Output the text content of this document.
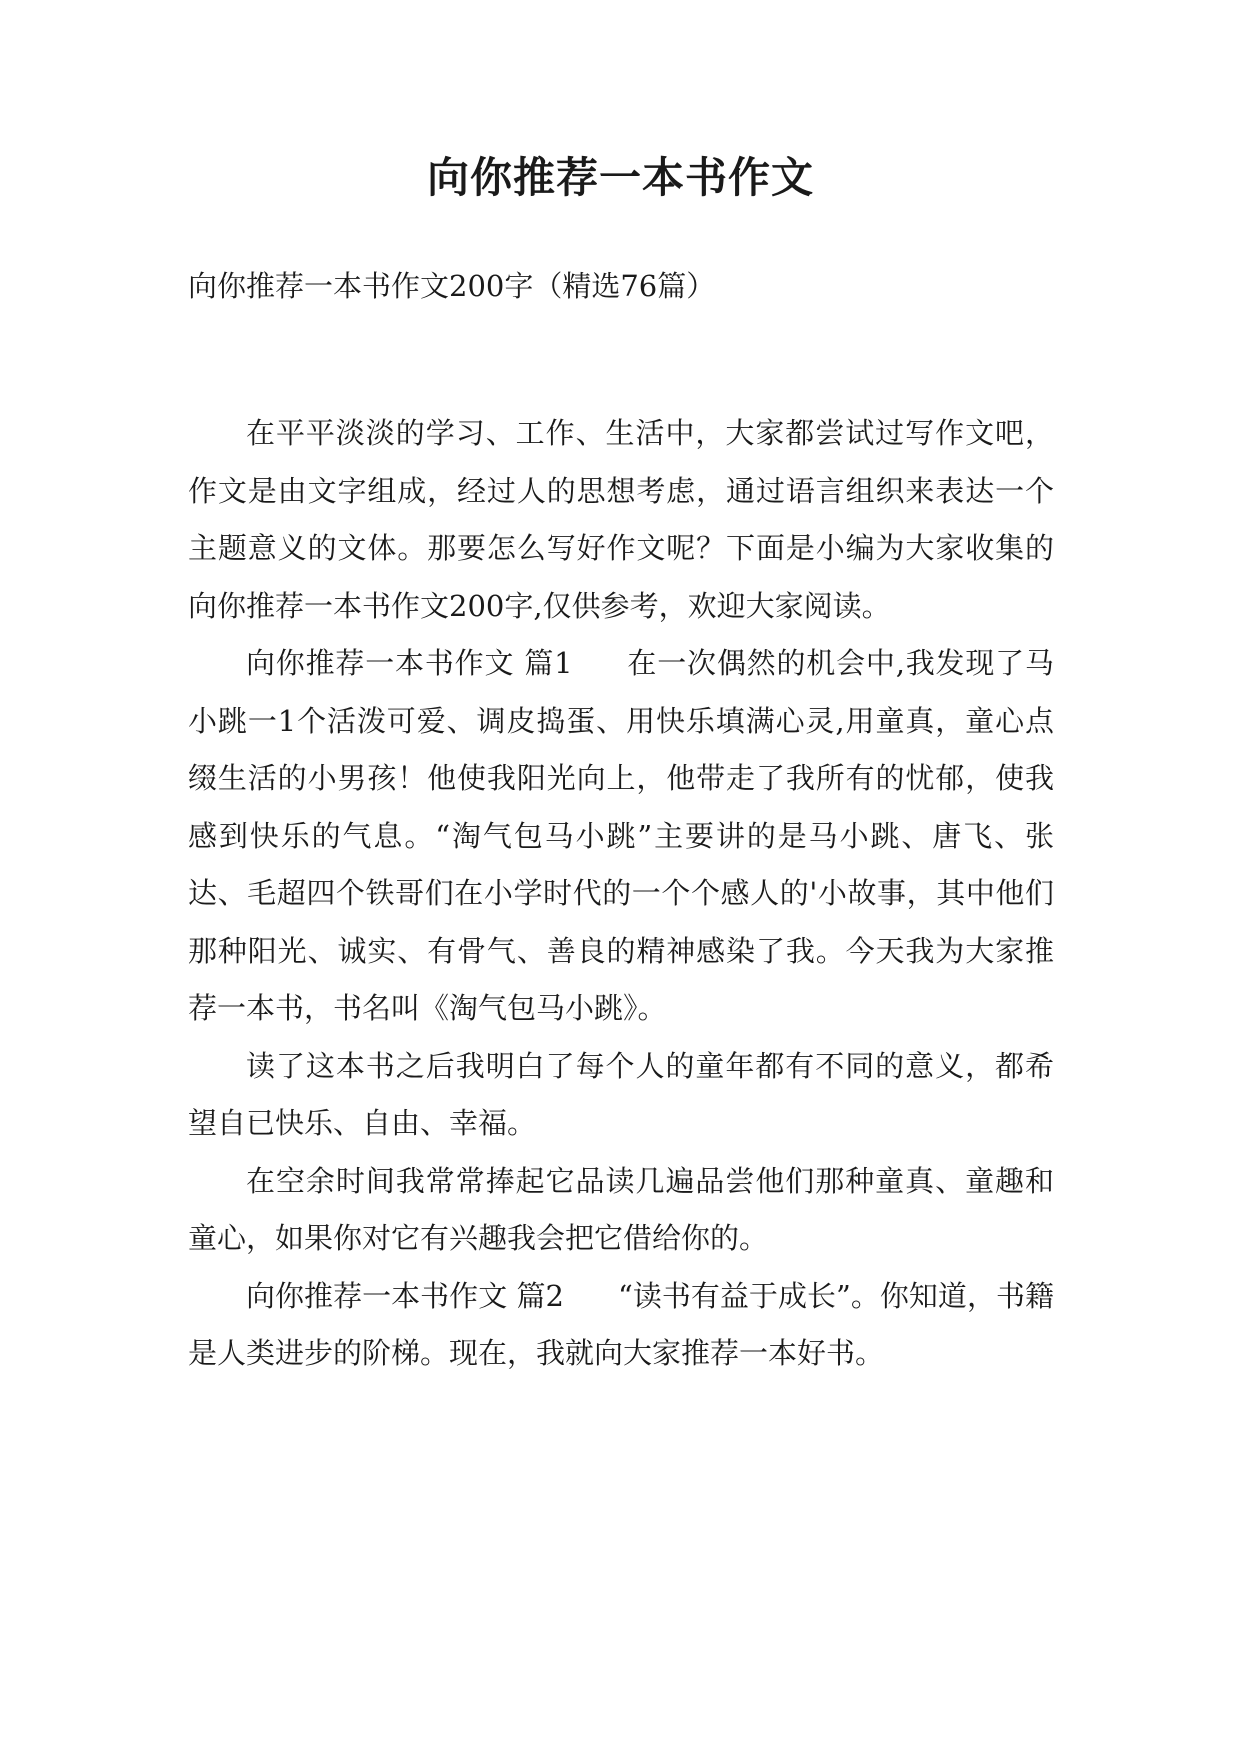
向你推荐一本书作文

向你推荐一本书作文200字（精选76篇）

在平平淡淡的学习、工作、生活中，大家都尝试过写作文吧，作文是由文字组成，经过人的思想考虑，通过语言组织来表达一个主题意义的文体。那要怎么写好作文呢？下面是小编为大家收集的向你推荐一本书作文200字,仅供参考，欢迎大家阅读。

向你推荐一本书作文 篇1 在一次偶然的机会中,我发现了马小跳一1个活泼可爱、调皮捣蛋、用快乐填满心灵,用童真，童心点缀生活的小男孩！他使我阳光向上，他带走了我所有的忧郁，使我感到快乐的气息。“淘气包马小跳”主要讲的是马小跳、唐飞、张达、毛超四个铁哥们在小学时代的一个个感人的'小故事，其中他们那种阳光、诚实、有骨气、善良的精神感染了我。今天我为大家推荐一本书，书名叫《淘气包马小跳》。

读了这本书之后我明白了每个人的童年都有不同的意义，都希望自已快乐、自由、幸福。

在空余时间我常常捧起它品读几遍品尝他们那种童真、童趣和童心，如果你对它有兴趣我会把它借给你的。

向你推荐一本书作文 篇2 “读书有益于成长”。你知道，书籍是人类进步的阶梯。现在，我就向大家推荐一本好书。
